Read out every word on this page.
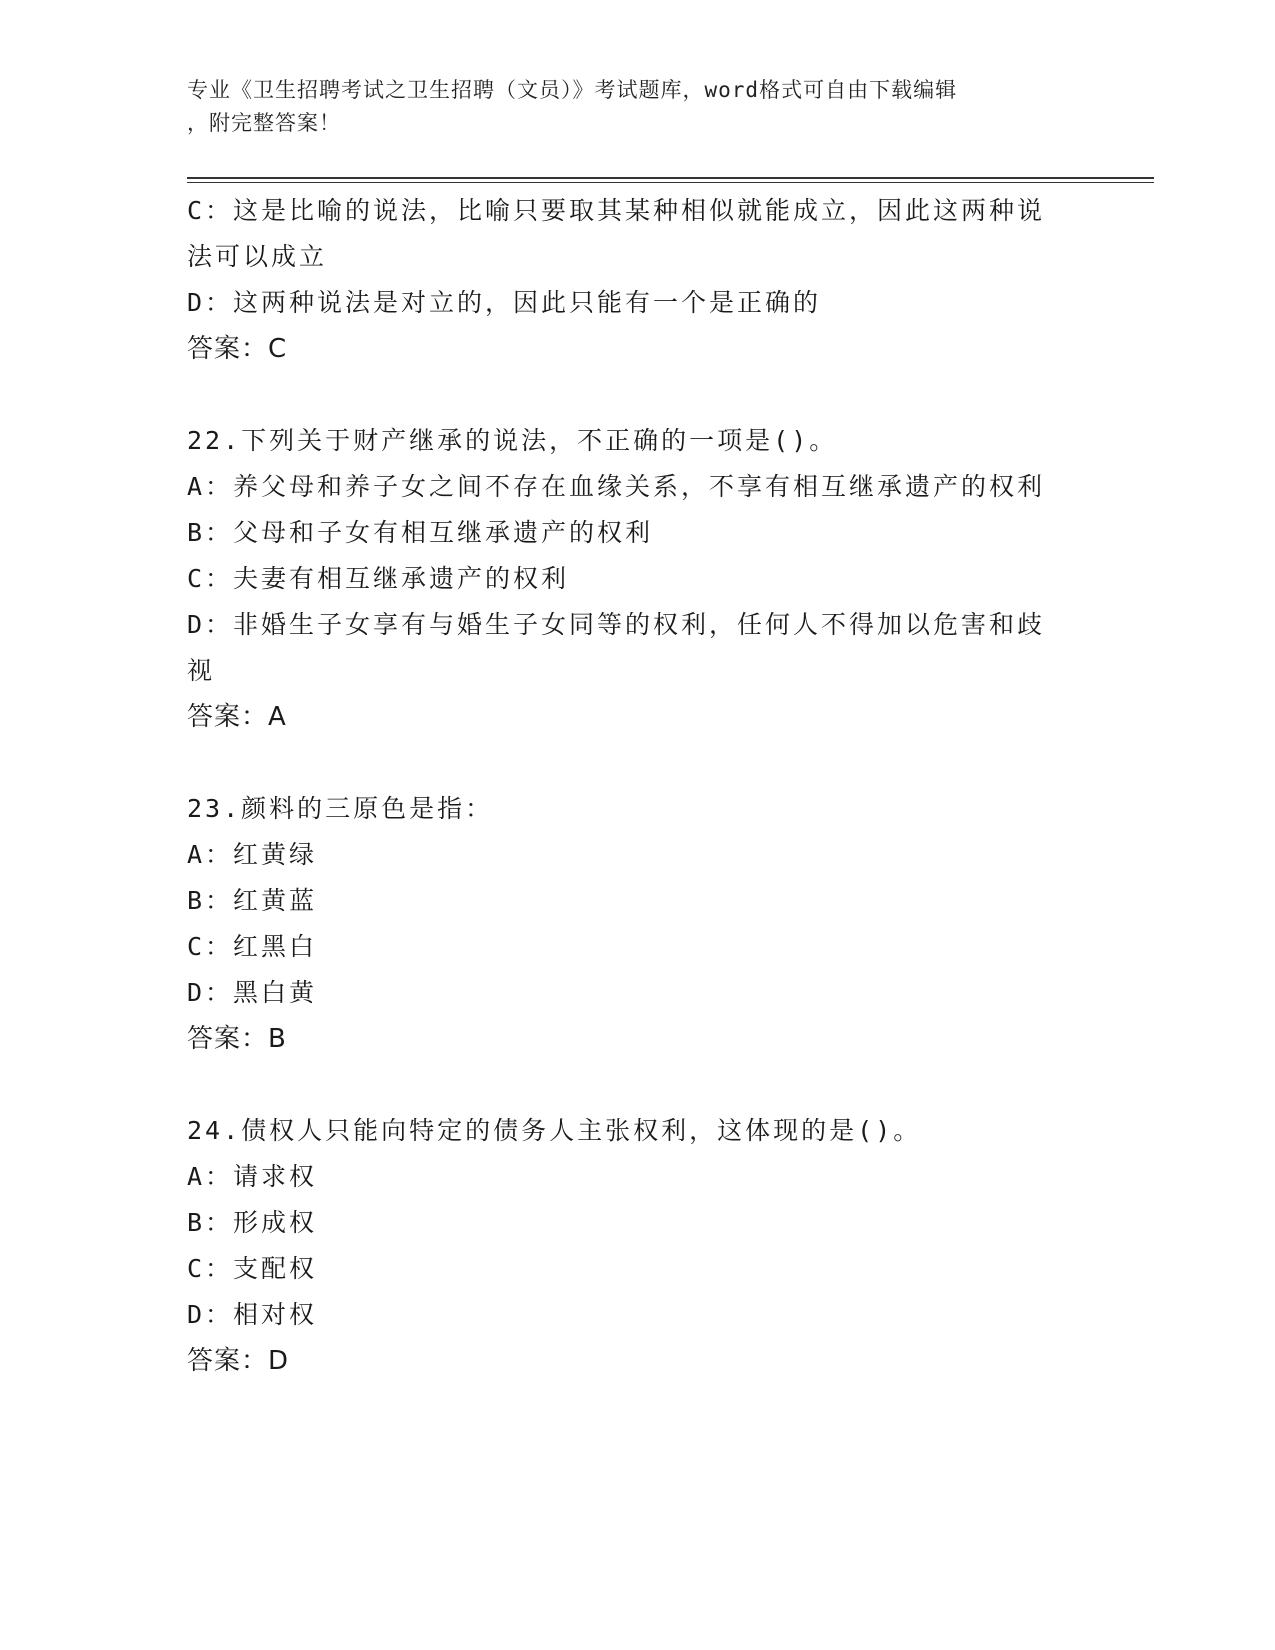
专业《卫生招聘考试之卫生招聘（文员）》考试题库，word格式可自由下载编辑
，附完整答案！
C：这是比喻的说法，比喻只要取其某种相似就能成立，因此这两种说
法可以成立
D：这两种说法是对立的，因此只能有一个是正确的
答案：C
22.下列关于财产继承的说法，不正确的一项是()。
A：养父母和养子女之间不存在血缘关系，不享有相互继承遗产的权利
B：父母和子女有相互继承遗产的权利
C：夫妻有相互继承遗产的权利
D：非婚生子女享有与婚生子女同等的权利，任何人不得加以危害和歧
视
答案：A
23.颜料的三原色是指：
A：红黄绿
B：红黄蓝
C：红黑白
D：黑白黄
答案：B
24.债权人只能向特定的债务人主张权利，这体现的是()。
A：请求权
B：形成权
C：支配权
D：相对权
答案：D
